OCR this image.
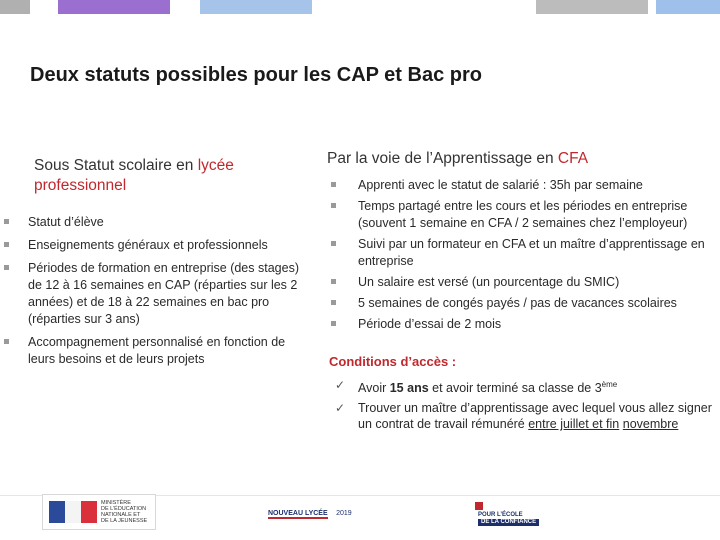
Deux statuts possibles pour les CAP et Bac pro
Sous Statut scolaire en lycée
professionnel
Statut d’élève
Enseignements généraux et professionnels
Périodes de formation en entreprise (des stages) de 12 à 16 semaines en CAP (réparties sur les 2 années) et de 18 à 22 semaines en bac pro (réparties sur 3 ans)
Accompagnement personnalisé en fonction de leurs besoins et de leurs projets
Par la voie de l’Apprentissage en CFA
Apprenti avec le statut de salarié : 35h par semaine
Temps partagé entre les cours et les périodes en entreprise (souvent 1 semaine en CFA / 2 semaines chez l’employeur)
Suivi par un formateur en CFA et un maître d’apprentissage en entreprise
Un salaire est versé (un pourcentage du SMIC)
5 semaines de congés payés / pas de vacances scolaires
Période d’essai de 2 mois
Conditions d’accès :
✓ Avoir 15 ans et avoir terminé sa classe de 3ème
✓ Trouver un maître d’apprentissage avec lequel vous allez signer un contrat de travail rémunéré entre juillet et fin novembre
MINISTÈRE
DE L’ÉDUCATION
NATIONALE ET
DE LA JEUNESSE
NOUVEAU LYCÉE 2019	POUR L’ÉCOLE
DE LA CONFIANCE
